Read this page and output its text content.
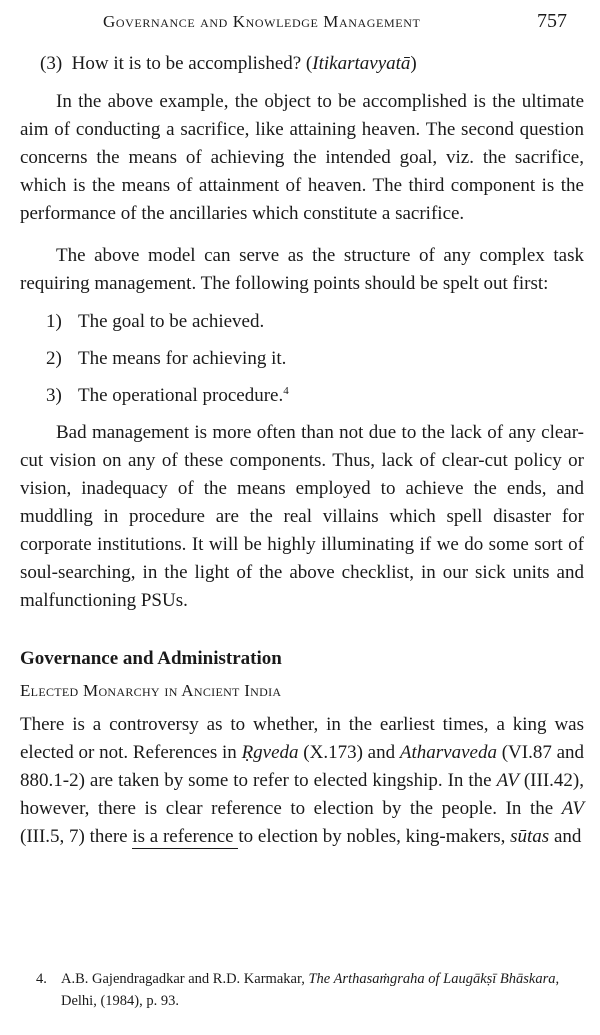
Governance and Knowledge Management	757

(3) How it is to be accomplished? (Itikartavyatā)

In the above example, the object to be accomplished is the ultimate aim of conducting a sacrifice, like attaining heaven. The second question concerns the means of achieving the intended goal, viz. the sacrifice, which is the means of attainment of heaven. The third component is the performance of the ancillaries which constitute a sacrifice.

The above model can serve as the structure of any complex task requiring management. The following points should be spelt out first:

1) The goal to be achieved.
2) The means for achieving it.
3) The operational procedure.$^4$

Bad management is more often than not due to the lack of any clear-cut vision on any of these components. Thus, lack of clear-cut policy or vision, inadequacy of the means employed to achieve the ends, and muddling in procedure are the real villains which spell disaster for corporate institutions. It will be highly illuminating if we do some sort of soul-searching, in the light of the above checklist, in our sick units and malfunctioning PSUs.

Governance and Administration

Elected Monarchy in Ancient India

There is a controversy as to whether, in the earliest times, a king was elected or not. References in Ṛgveda (X.173) and Atharvaveda (VI.87 and 880.1-2) are taken by some to refer to elected kingship. In the AV (III.42), however, there is clear reference to election by the people. In the AV (III.5, 7) there is a reference to election by nobles, king-makers, sūtas and

4. A.B. Gajendragadkar and R.D. Karmakar, The Arthasaṁgraha of Laugākṣī Bhāskara, Delhi, (1984), p. 93.
